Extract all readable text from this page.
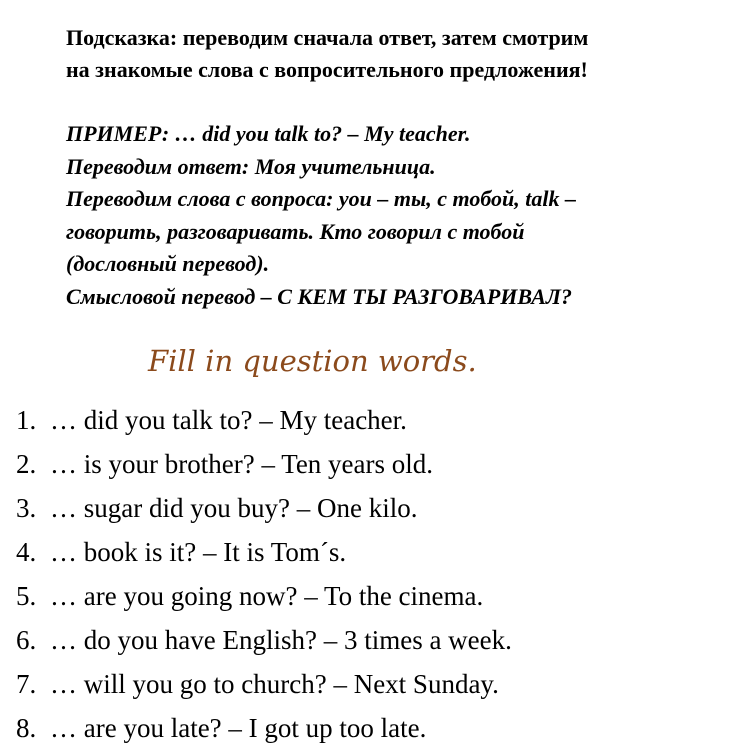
Подсказка: переводим сначала ответ, затем смотрим
на знакомые слова с вопросительного предложения!
ПРИМЕР: … did you talk to? – My teacher.
Переводим ответ: Моя учительница.
Переводим слова с вопроса: you – ты, с тобой, talk –
говорить, разговаривать. Кто говорил с тобой
(дословный перевод).
Смысловой перевод – С КЕМ ТЫ РАЗГОВАРИВАЛ?
Fill in question words.
1. … did you talk to? – My teacher.
2. … is your brother? – Ten years old.
3. … sugar did you buy? – One kilo.
4. … book is it? – It is Tom´s.
5. … are you going now? – To the cinema.
6. … do you have English? – 3 times a week.
7. … will you go to church? – Next Sunday.
8. … are you late? – I got up too late.
